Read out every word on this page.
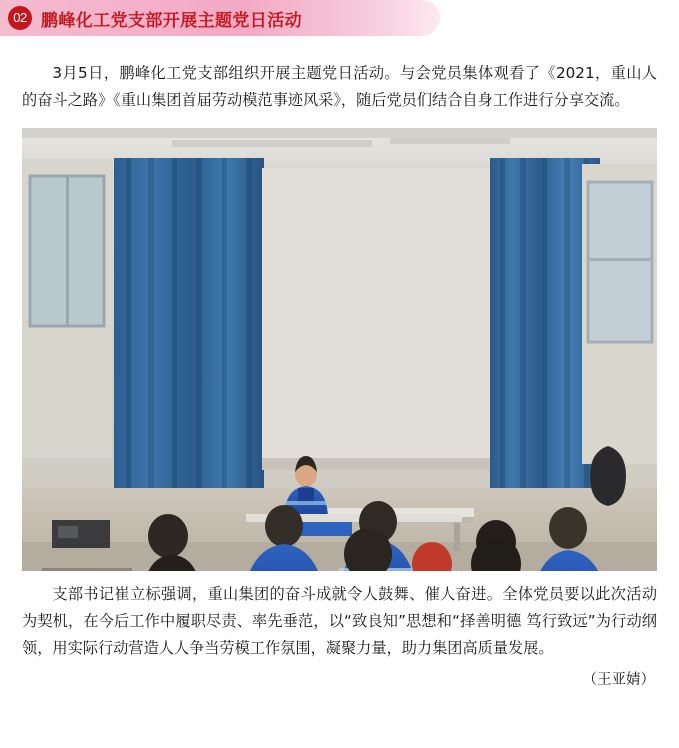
02 鹏峰化工党支部开展主题党日活动

3月5日，鹏峰化工党支部组织开展主题党日活动。与会党员集体观看了《2021，重山人的奋斗之路》《重山集团首届劳动模范事迹风采》，随后党员们结合自身工作进行分享交流。

支部书记崔立标强调，重山集团的奋斗成就令人鼓舞、催人奋进。全体党员要以此次活动为契机，在今后工作中履职尽责、率先垂范，以“致良知”思想和“择善明德 笃行致远”为行动纲领，用实际行动营造人人争当劳模工作氛围，凝聚力量，助力集团高质量发展。

（王亚婧）
